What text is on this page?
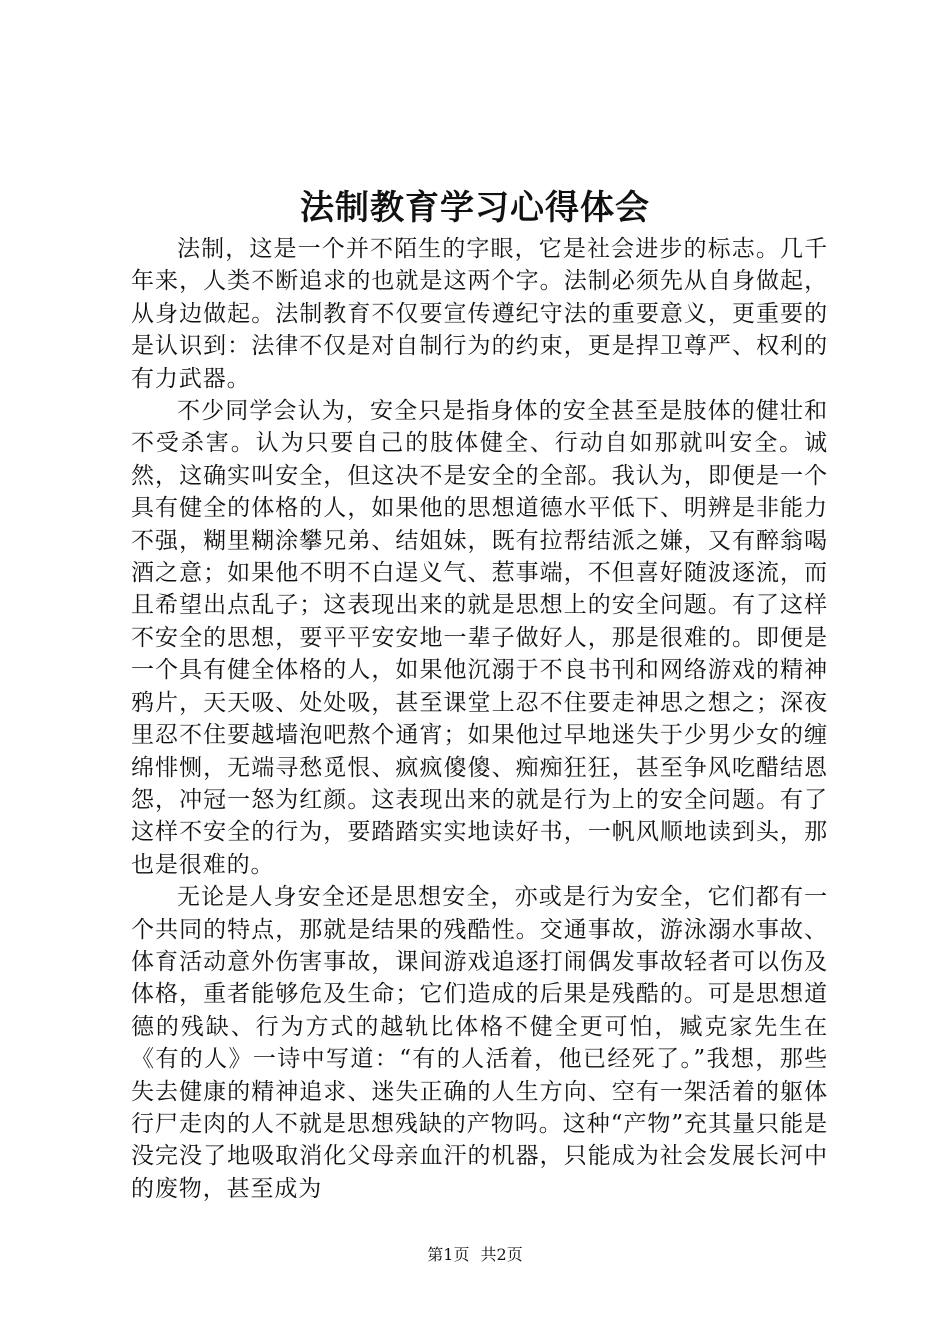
法制教育学习心得体会

法制，这是一个并不陌生的字眼，它是社会进步的标志。几千年来，人类不断追求的也就是这两个字。法制必须先从自身做起，从身边做起。法制教育不仅要宣传遵纪守法的重要意义，更重要的是认识到：法律不仅是对自制行为的约束，更是捍卫尊严、权利的有力武器。

不少同学会认为，安全只是指身体的安全甚至是肢体的健壮和不受杀害。认为只要自己的肢体健全、行动自如那就叫安全。诚然，这确实叫安全，但这决不是安全的全部。我认为，即便是一个具有健全的体格的人，如果他的思想道德水平低下、明辨是非能力不强，糊里糊涂攀兄弟、结姐妹，既有拉帮结派之嫌，又有醉翁喝酒之意；如果他不明不白逞义气、惹事端，不但喜好随波逐流，而且希望出点乱子；这表现出来的就是思想上的安全问题。有了这样不安全的思想，要平平安安地一辈子做好人，那是很难的。即便是一个具有健全体格的人，如果他沉溺于不良书刊和网络游戏的精神鸦片，天天吸、处处吸，甚至课堂上忍不住要走神思之想之；深夜里忍不住要越墙泡吧熬个通宵；如果他过早地迷失于少男少女的缠绵悱恻，无端寻愁觅恨、疯疯傻傻、痴痴狂狂，甚至争风吃醋结恩怨，冲冠一怒为红颜。这表现出来的就是行为上的安全问题。有了这样不安全的行为，要踏踏实实地读好书，一帆风顺地读到头，那也是很难的。

无论是人身安全还是思想安全，亦或是行为安全，它们都有一个共同的特点，那就是结果的残酷性。交通事故，游泳溺水事故、体育活动意外伤害事故，课间游戏追逐打闹偶发事故轻者可以伤及体格，重者能够危及生命；它们造成的后果是残酷的。可是思想道德的残缺、行为方式的越轨比体格不健全更可怕，臧克家先生在《有的人》一诗中写道：“有的人活着，他已经死了。”我想，那些失去健康的精神追求、迷失正确的人生方向、空有一架活着的躯体行尸走肉的人不就是思想残缺的产物吗。这种“产物”充其量只能是没完没了地吸取消化父母亲血汗的机器，只能成为社会发展长河中的废物，甚至成为

第1页 共2页
